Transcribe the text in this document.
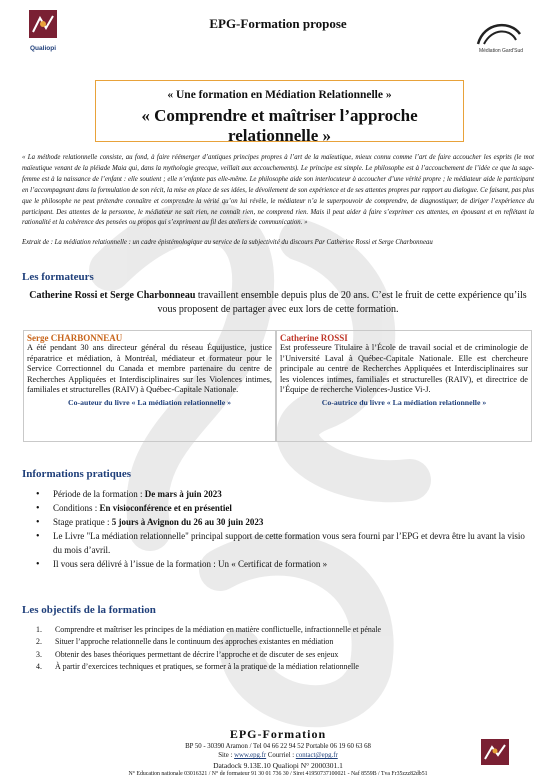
Qualiopi
EPG-Formation propose
Médiation Gard'Sud
« Une formation en Médiation Relationnelle »
« Comprendre et maîtriser l’approche relationnelle »
« La méthode relationnelle consiste, au fond, à faire réémerger d’antiques principes propres à l’art de la maïeutique, mieux connu comme l’art de faire accoucher les esprits (le mot maïeutique venant de la pléiade Maia qui, dans la mythologie grecque, veillait aux accouchements). Le principe est simple. Le philosophe est à l’accouchement de l’idée ce que la sage-femme est à la naissance de l’enfant : elle soutient ; elle n’enfante pas elle-même. Le philosophe aide son interlocuteur à accoucher d’une vérité propre ; le médiateur aide le participant en l’accompagnant dans la formulation de son récit, la mise en place de ses idées, le dévoilement de son expérience et de ses attentes propres par rapport au dialogue. Ce faisant, pas plus que le philosophe ne peut prétendre connaître et comprendre la vérité qu’on lui révèle, le médiateur n’a le superpouvoir de comprendre, de diagnostiquer, de diriger l’expérience du participant. Des attentes de la personne, le médiateur ne sait rien, ne connaît rien, ne comprend rien. Mais il peut aider à faire s’exprimer ces attentes, en épousant et en reflétant la rationalité et la cohérence des pensées ou propos qui s’expriment au fil des ateliers de communication. »
Extrait de : La médiation relationnelle : un cadre épistémologique au service de la subjectivité du discours Par Catherine Rossi et Serge Charbonneau
Les formateurs
Catherine Rossi et Serge Charbonneau travaillent ensemble depuis plus de 20 ans. C’est le fruit de cette expérience qu’ils vous proposent de partager avec eux lors de cette formation.
Serge CHARBONNEAU
A été pendant 30 ans directeur général du réseau Équijustice, justice réparatrice et médiation, à Montréal, médiateur et formateur pour le Service Correctionnel du Canada et membre partenaire du centre de Recherches Appliquées et Interdisciplinaires sur les Violences intimes, familiales et structurelles (RAIV) à Québec-Capitale Nationale.
Co-auteur du livre « La médiation relationnelle »
Catherine ROSSI
Est professeure Titulaire à l’École de travail social et de criminologie de l’Université Laval à Québec-Capitale Nationale. Elle est chercheure principale au centre de Recherches Appliquées et Interdisciplinaires sur les violences intimes, familiales et structurelles (RAIV), et directrice de l’Équipe de recherche Violences-Justice Vi-J.
Co-autrice du livre « La médiation relationnelle »
Informations pratiques
• Période de la formation : De mars à juin 2023
• Conditions : En visioconférence et en présentiel
• Stage pratique : 5 jours à Avignon du 26 au 30 juin 2023
• Le Livre "La médiation relationnelle" principal support de cette formation vous sera fourni par l’EPG et devra être lu avant la visio du mois d’avril.
• Il vous sera délivré à l’issue de la formation : Un « Certificat de formation »
Les objectifs de la formation
1. Comprendre et maîtriser les principes de la médiation en matière conflictuelle, infractionnelle et pénale
2. Situer l’approche relationnelle dans le continuum des approches existantes en médiation
3. Obtenir des bases théoriques permettant de décrire l’approche et de discuter de ses enjeux
4. À partir d’exercices techniques et pratiques, se former à la pratique de la médiation relationnelle
EPG-Formation
BP 50 - 30390 Aramon / Tel 04 66 22 94 52 Portable 06 19 60 63 68
Site : www.epg.fr Courriel : contact@epg.fr
Datadock 9.13E.10 Qualiopi N° 2000301.1
N° Education nationale 03016321 / N° de formateur 91 30 01 736 30 / Siret 41950737100021 - Naf 8559B / Tva Fr35zzz82db51
